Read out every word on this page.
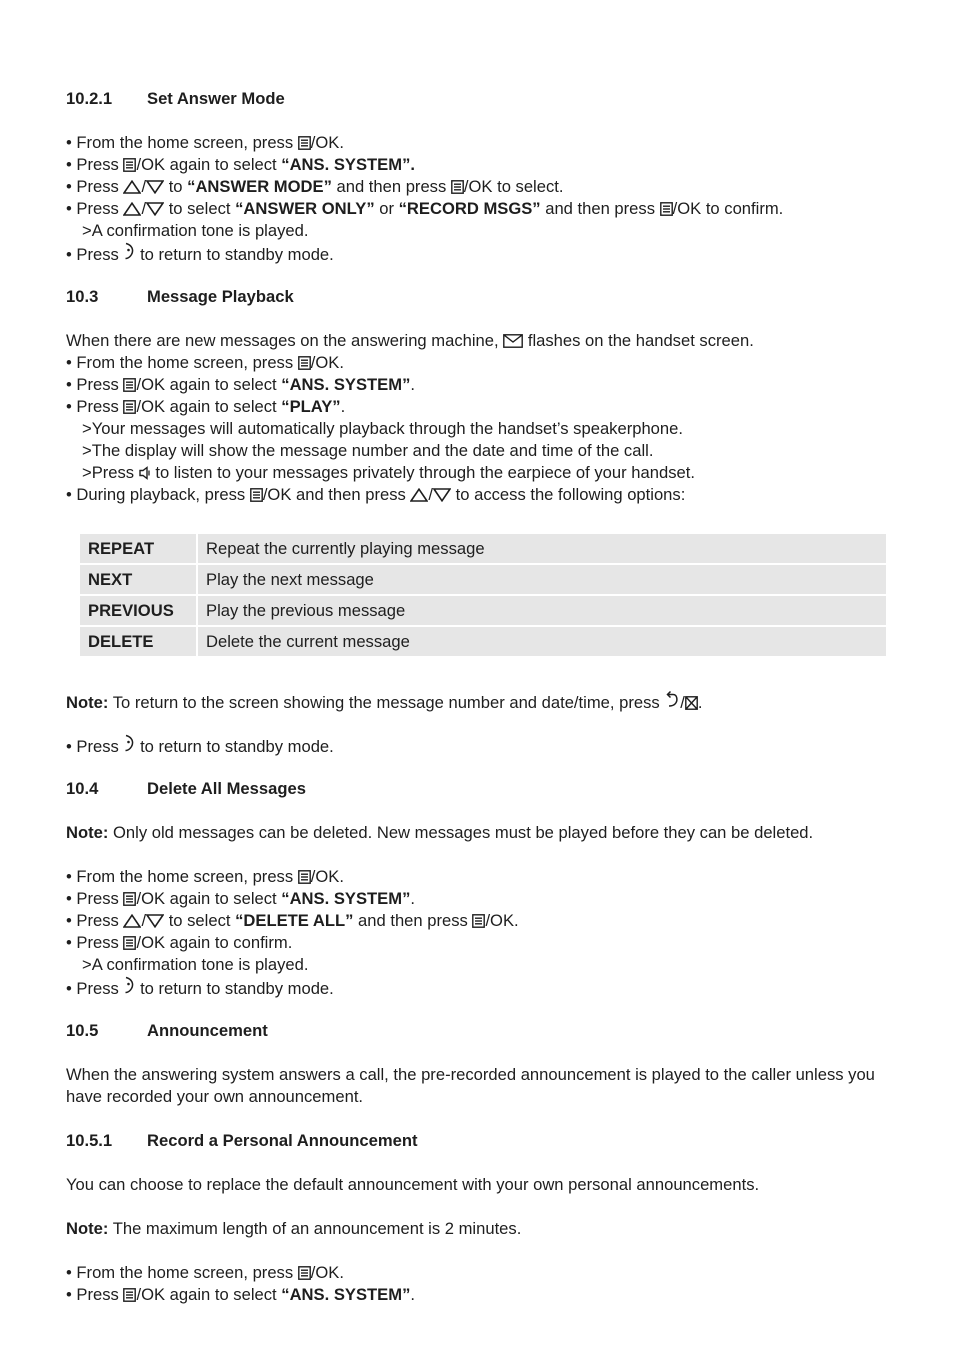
10.2.1	Set Answer Mode
• From the home screen, press
/OK.
• Press
/OK again to select “ANS. SYSTEM”.
• Press
/
to “ANSWER MODE” and then press
/OK to select.
• Press
/
to select “ANSWER ONLY” or “RECORD MSGS” and then press
/OK to confirm.
>A confirmation tone is played.
• Press
to return to standby mode.
10.3	Message Playback
When there are new messages on the answering machine,
flashes on the handset screen.
• From the home screen, press
/OK.
• Press
/OK again to select “ANS. SYSTEM”.
• Press
/OK again to select “PLAY”.
>Your messages will automatically playback through the handset’s speakerphone.
>The display will show the message number and the date and time of the call.
>Press
to listen to your messages privately through the earpiece of your handset.
• During playback, press
/OK and then press
/
to access the following options:
REPEAT	Repeat the currently playing message
NEXT	Play the next message
PREVIOUS	Play the previous message
DELETE	Delete the current message
Note: To return to the screen showing the message number and date/time, press
/ .
• Press
to return to standby mode.
10.4	Delete All Messages
Note: Only old messages can be deleted. New messages must be played before they can be deleted.
• From the home screen, press
/OK.
• Press
/OK again to select “ANS. SYSTEM”.
• Press
/
to select “DELETE ALL” and then press
/OK.
• Press
/OK again to confirm.
>A confirmation tone is played.
• Press
to return to standby mode.
10.5	Announcement

When the answering system answers a call, the pre-recorded announcement is played to the caller unless you have recorded your own announcement.

10.5.1	Record a Personal Announcement
You can choose to replace the default announcement with your own personal announcements.
Note: The maximum length of an announcement is 2 minutes.
• From the home screen, press
/OK.
• Press
/OK again to select “ANS. SYSTEM”.
